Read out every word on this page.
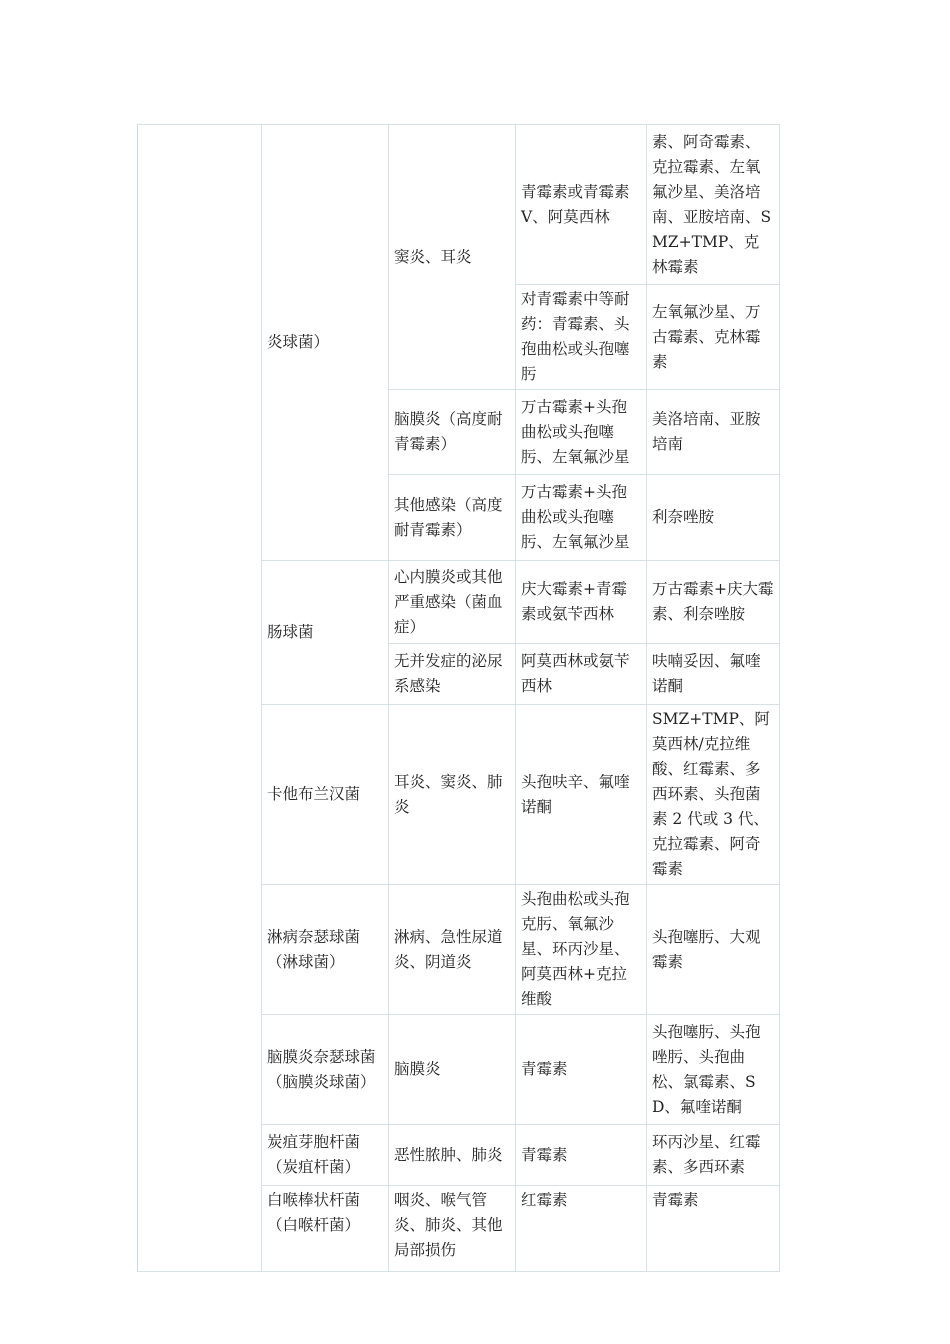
	炎球菌）	窦炎、耳炎	青霉素或青霉素V、阿莫西林	素、阿奇霉素、克拉霉素、左氧氟沙星、美洛培南、亚胺培南、SMZ+TMP、克林霉素
			对青霉素中等耐药：青霉素、头孢曲松或头孢噻肟	左氧氟沙星、万古霉素、克林霉素
		脑膜炎（高度耐青霉素）	万古霉素+头孢曲松或头孢噻肟、左氧氟沙星	美洛培南、亚胺培南
		其他感染（高度耐青霉素）	万古霉素+头孢曲松或头孢噻肟、左氧氟沙星	利奈唑胺
	肠球菌	心内膜炎或其他严重感染（菌血症）	庆大霉素+青霉素或氨苄西林	万古霉素+庆大霉素、利奈唑胺
		无并发症的泌尿系感染	阿莫西林或氨苄西林	呋喃妥因、氟喹诺酮
	卡他布兰汉菌	耳炎、窦炎、肺炎	头孢呋辛、氟喹诺酮	SMZ+TMP、阿莫西林/克拉维酸、红霉素、多西环素、头孢菌素 2 代或 3 代、克拉霉素、阿奇霉素
	淋病奈瑟球菌（淋球菌）	淋病、急性尿道炎、阴道炎	头孢曲松或头孢克肟、氧氟沙星、环丙沙星、阿莫西林+克拉维酸	头孢噻肟、大观霉素
	脑膜炎奈瑟球菌（脑膜炎球菌）	脑膜炎	青霉素	头孢噻肟、头孢唑肟、头孢曲松、氯霉素、SD、氟喹诺酮
	炭疽芽胞杆菌（炭疽杆菌）	恶性脓肿、肺炎	青霉素	环丙沙星、红霉素、多西环素
	白喉棒状杆菌（白喉杆菌）	咽炎、喉气管炎、肺炎、其他局部损伤	红霉素	青霉素
